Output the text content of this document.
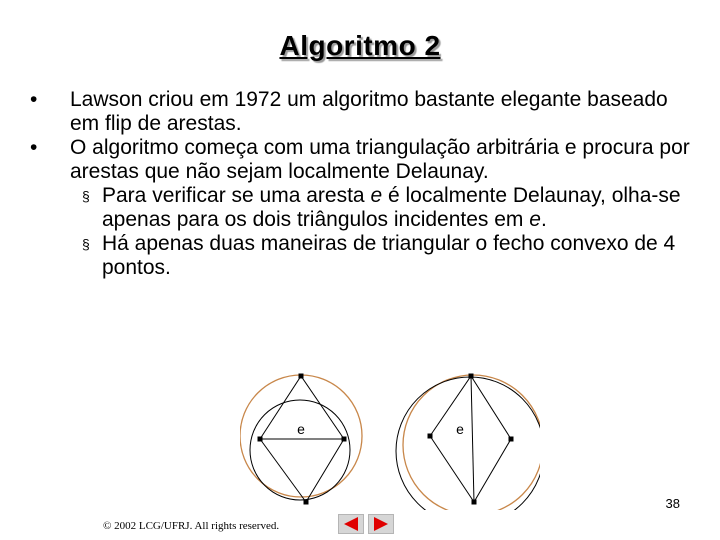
Algoritmo 2
•	Lawson criou em 1972 um algoritmo bastante elegante baseado em flip de arestas.
•	O algoritmo começa com uma triangulação arbitrária e procura por arestas que não sejam localmente Delaunay.
§ Para verificar se uma aresta e é localmente Delaunay, olha-se apenas para os dois triângulos incidentes em e.
§ Há apenas duas maneiras de triangular o fecho convexo de 4 pontos.
e	e
38
© 2002 LCG/UFRJ. All rights reserved.
